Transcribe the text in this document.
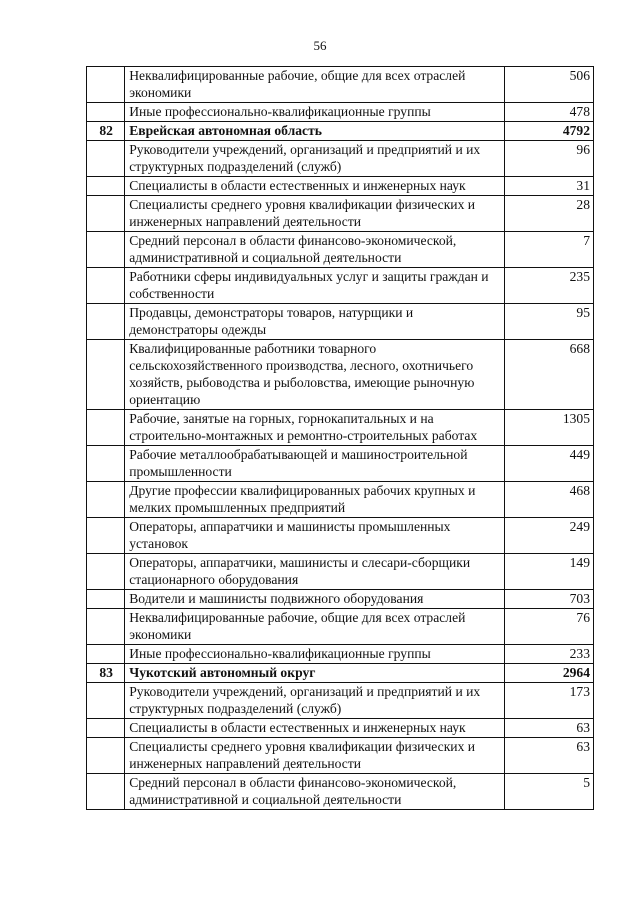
56
	Неквалифицированные рабочие, общие для всех отраслей экономики	506
	Иные профессионально-квалификационные группы	478
82	Еврейская автономная область	4792
	Руководители учреждений, организаций и предприятий и их структурных подразделений (служб)	96
	Специалисты в области естественных и инженерных наук	31
	Специалисты среднего уровня квалификации физических и инженерных направлений деятельности	28
	Средний персонал в области финансово-экономической, административной и социальной деятельности	7
	Работники сферы индивидуальных услуг и защиты граждан и собственности	235
	Продавцы, демонстраторы товаров, натурщики и демонстраторы одежды	95
	Квалифицированные работники товарного сельскохозяйственного производства, лесного, охотничьего хозяйств, рыбоводства и рыболовства, имеющие рыночную ориентацию	668
	Рабочие, занятые на горных, горнокапитальных и на строительно-монтажных и ремонтно-строительных работах	1305
	Рабочие металлообрабатывающей и машиностроительной промышленности	449
	Другие профессии квалифицированных рабочих крупных и мелких промышленных предприятий	468
	Операторы, аппаратчики и машинисты промышленных установок	249
	Операторы, аппаратчики, машинисты и слесари-сборщики стационарного оборудования	149
	Водители и машинисты подвижного оборудования	703
	Неквалифицированные рабочие, общие для всех отраслей экономики	76
	Иные профессионально-квалификационные группы	233
83	Чукотский автономный округ	2964
	Руководители учреждений, организаций и предприятий и их структурных подразделений (служб)	173
	Специалисты в области естественных и инженерных наук	63
	Специалисты среднего уровня квалификации физических и инженерных направлений деятельности	63
	Средний персонал в области финансово-экономической, административной и социальной деятельности	5
